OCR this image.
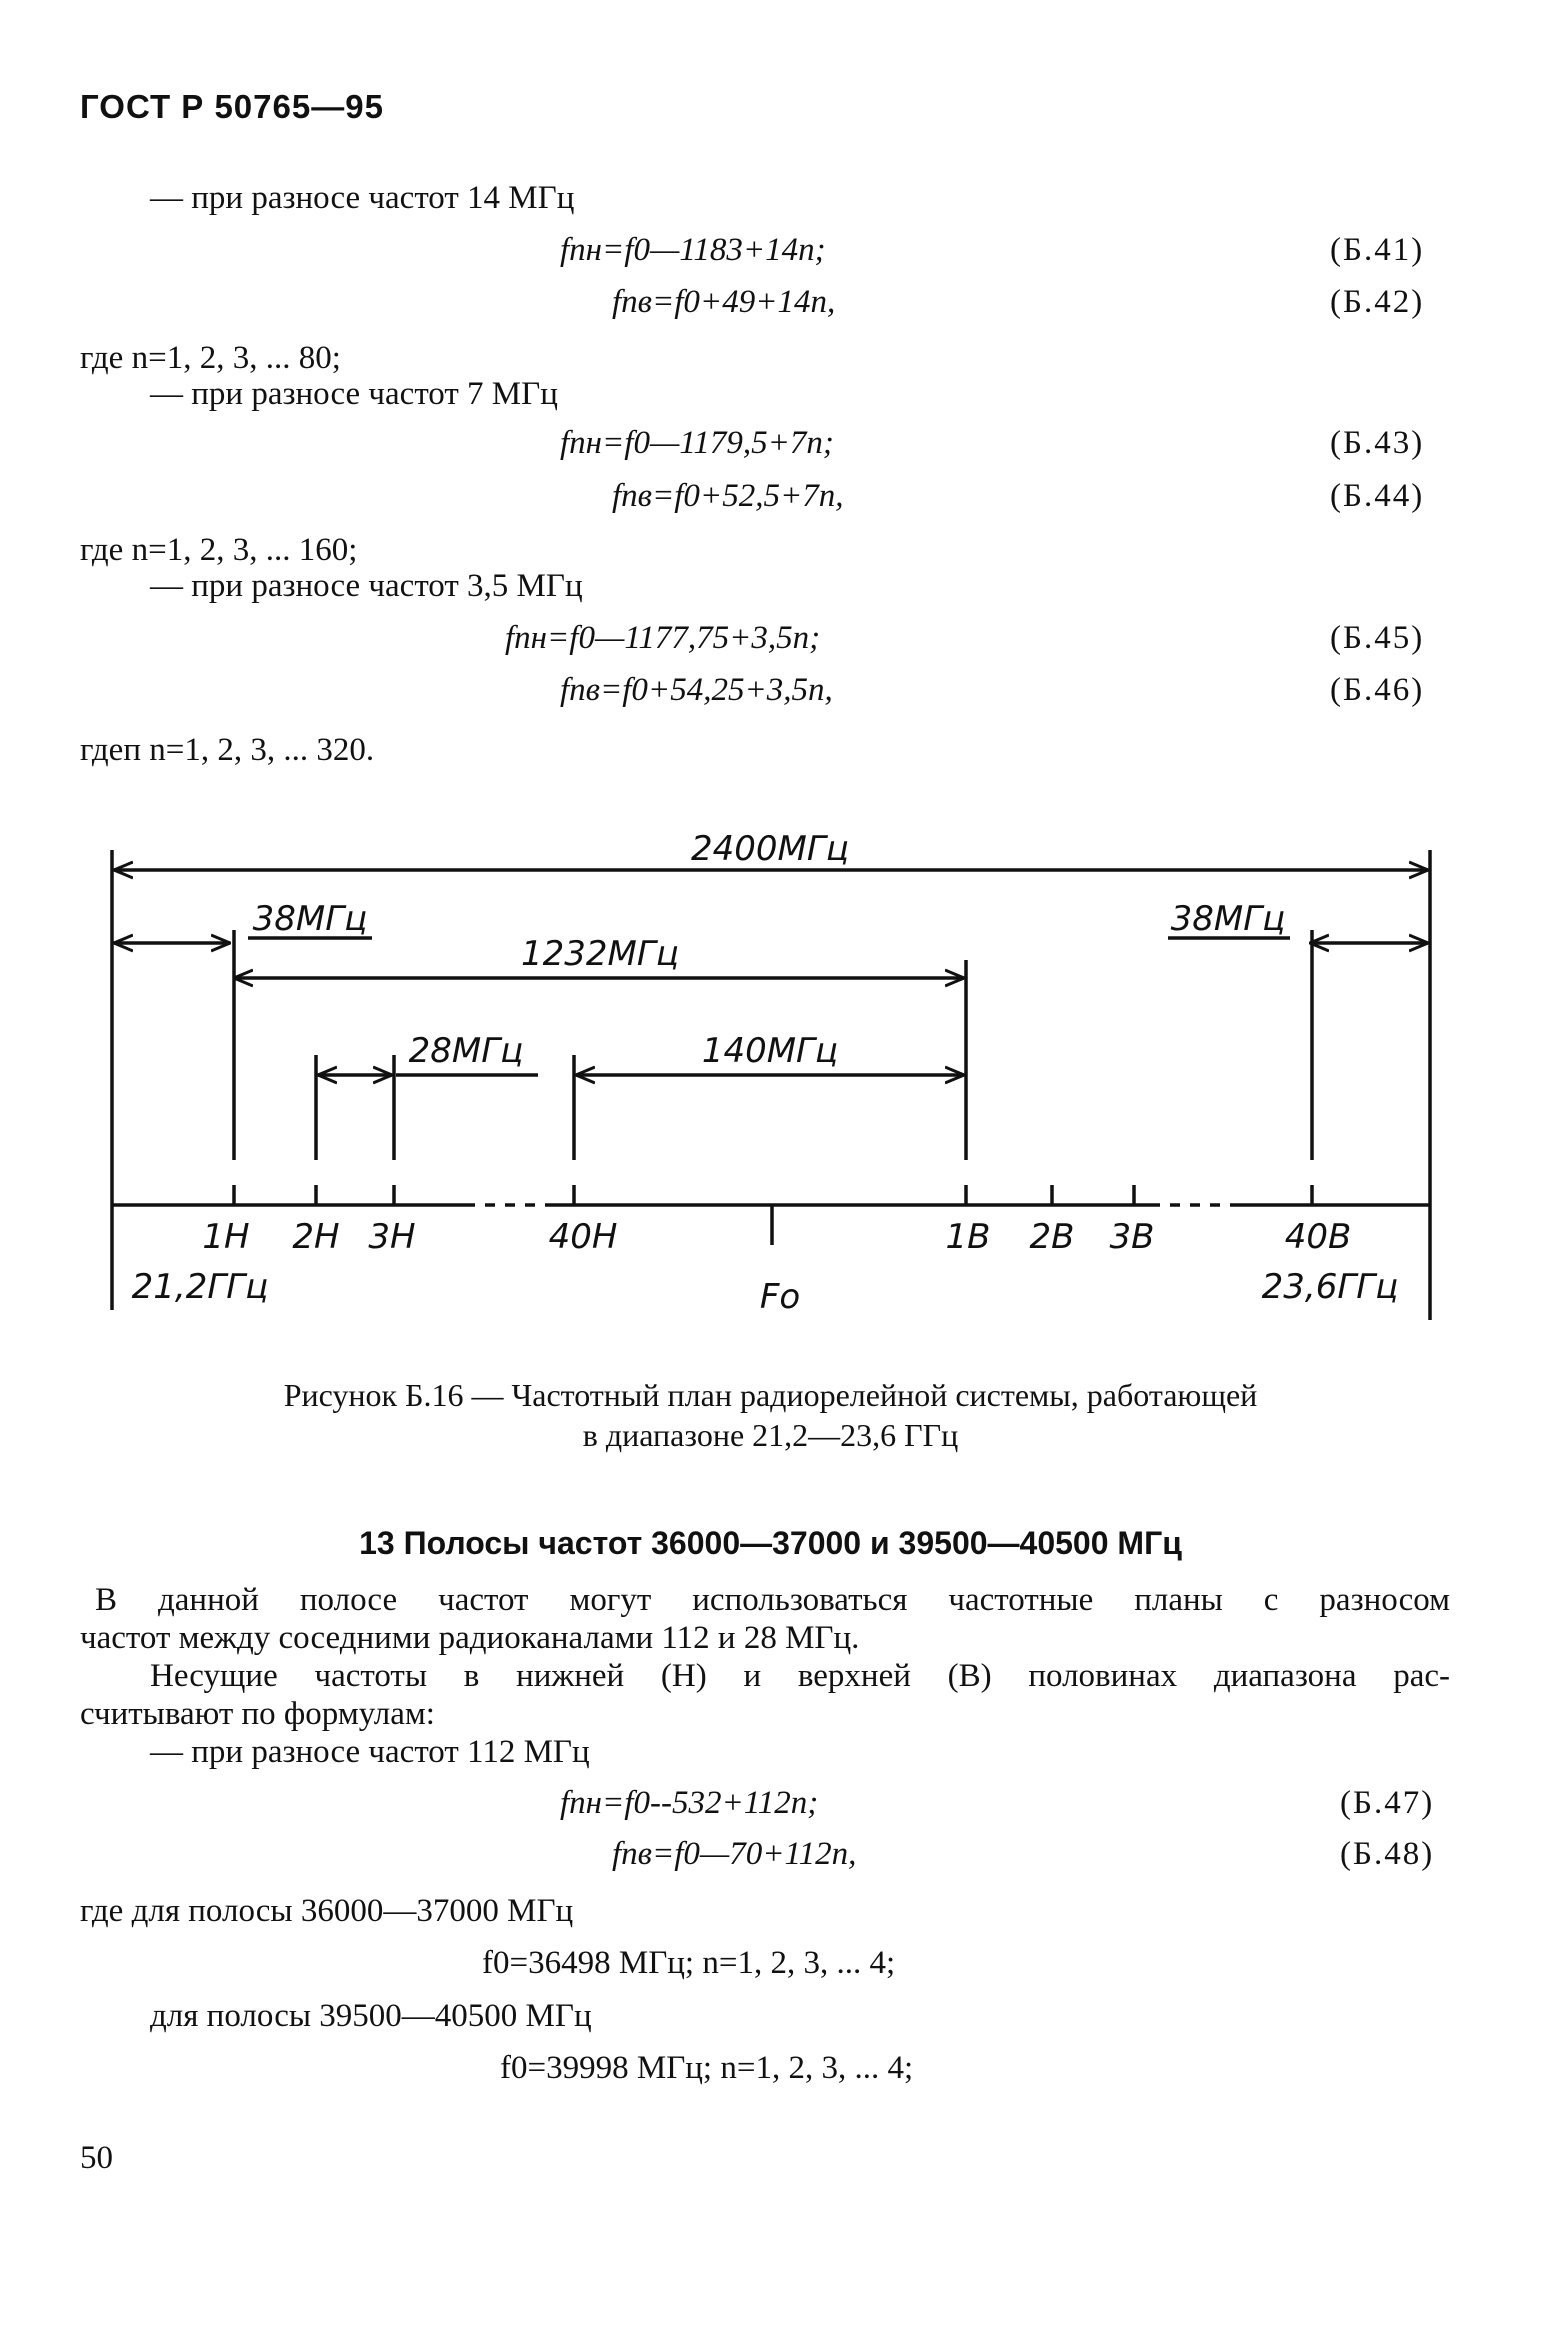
ГОСТ Р 50765—95
— при разносе частот 14 МГц
fпн=f0—1183+14n;	(Б.41)
fпв=f0+49+14n,	(Б.42)
где n=1, 2, 3, ... 80;
— при разносе частот 7 МГц
fпн=f0—1179,5+7n;	(Б.43)
fпв=f0+52,5+7n,	(Б.44)
где n=1, 2, 3, ... 160;
— при разносе частот 3,5 МГц
fпн=f0—1177,75+3,5n;	(Б.45)
fпв=f0+54,25+3,5n,	(Б.46)
гдеп n=1, 2, 3, ... 320.
2400МГц
38МГц	38МГц
1232МГц
28МГц	140МГц
1Н 2Н 3Н	40Н	1В 2В 3В	40В
21,2ГГц	Fo	23,6ГГц
Рисунок Б.16 — Частотный план радиорелейной системы, работающей
в диапазоне 21,2—23,6 ГГц
13 Полосы частот 36000—37000 и 39500—40500 МГц
В данной полосе частот могут использоваться частотные планы с разносом
частот между соседними радиоканалами 112 и 28 МГц.
Несущие частоты в нижней (Н) и верхней (В) половинах диапазона рас-
считывают по формулам:
— при разносе частот 112 МГц
fпн=f0--532+112n;	(Б.47)
fпв=f0—70+112n,	(Б.48)
где для полосы 36000—37000 МГц
f0=36498 МГц; n=1, 2, 3, ... 4;
для полосы 39500—40500 МГц
f0=39998 МГц; n=1, 2, 3, ... 4;
50
